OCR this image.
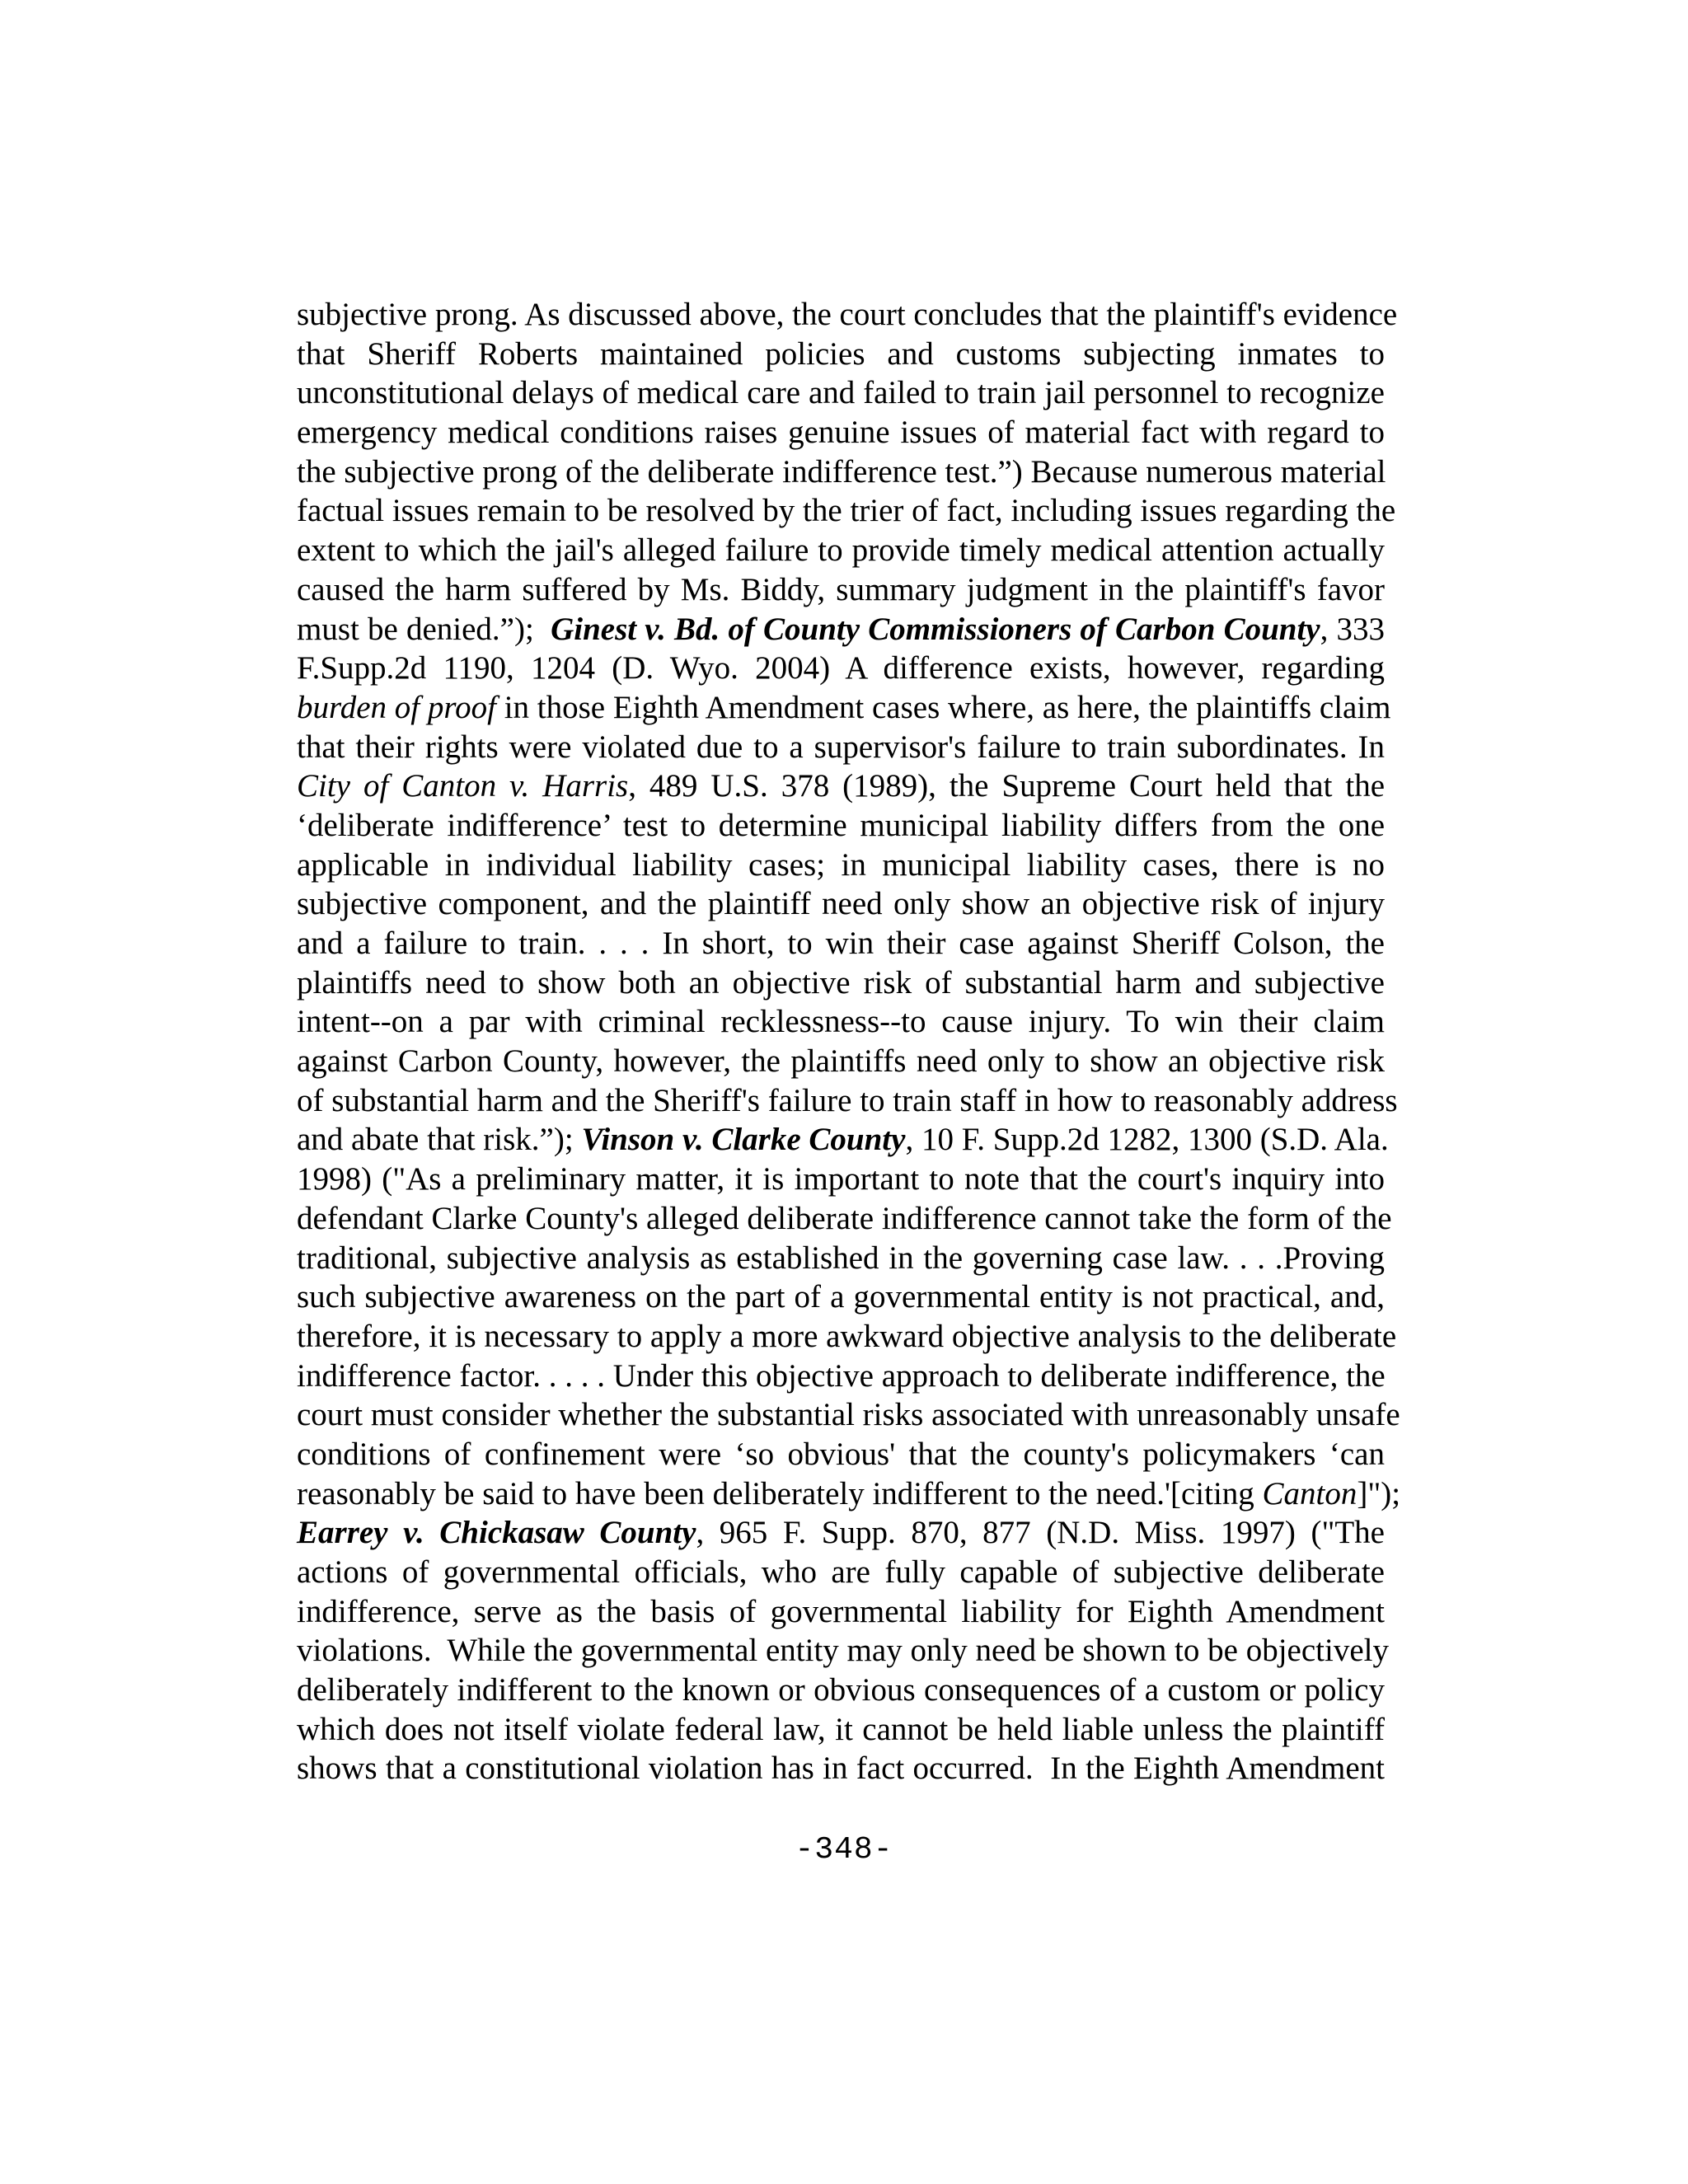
subjective prong. As discussed above, the court concludes that the plaintiff's evidence
that Sheriff Roberts maintained policies and customs subjecting inmates to
unconstitutional delays of medical care and failed to train jail personnel to recognize
emergency medical conditions raises genuine issues of material fact with regard to
the subjective prong of the deliberate indifference test.”) Because numerous material
factual issues remain to be resolved by the trier of fact, including issues regarding the
extent to which the jail's alleged failure to provide timely medical attention actually
caused the harm suffered by Ms. Biddy, summary judgment in the plaintiff's favor
must be denied.”);  Ginest v. Bd. of County Commissioners of Carbon County, 333
F.Supp.2d 1190, 1204 (D. Wyo. 2004) A difference exists, however, regarding
burden of proof in those Eighth Amendment cases where, as here, the plaintiffs claim
that their rights were violated due to a supervisor's failure to train subordinates. In
City of Canton v. Harris, 489 U.S. 378 (1989), the Supreme Court held that the
‘deliberate indifference’ test to determine municipal liability differs from the one
applicable in individual liability cases; in municipal liability cases, there is no
subjective component, and the plaintiff need only show an objective risk of injury
and a failure to train. . . . In short, to win their case against Sheriff Colson, the
plaintiffs need to show both an objective risk of substantial harm and subjective
intent--on a par with criminal recklessness--to cause injury. To win their claim
against Carbon County, however, the plaintiffs need only to show an objective risk
of substantial harm and the Sheriff's failure to train staff in how to reasonably address
and abate that risk.”); Vinson v. Clarke County, 10 F. Supp.2d 1282, 1300 (S.D. Ala.
1998) ("As a preliminary matter, it is important to note that the court's inquiry into
defendant Clarke County's alleged deliberate indifference cannot take the form of the
traditional, subjective analysis as established in the governing case law. . . .Proving
such subjective awareness on the part of a governmental entity is not practical, and,
therefore, it is necessary to apply a more awkward objective analysis to the deliberate
indifference factor. . . . . Under this objective approach to deliberate indifference, the
court must consider whether the substantial risks associated with unreasonably unsafe
conditions of confinement were ‘so obvious' that the county's policymakers ‘can
reasonably be said to have been deliberately indifferent to the need.'[citing Canton]");
Earrey v. Chickasaw County, 965 F. Supp. 870, 877 (N.D. Miss. 1997) ("The
actions of governmental officials, who are fully capable of subjective deliberate
indifference, serve as the basis of governmental liability for Eighth Amendment
violations.  While the governmental entity may only need be shown to be objectively
deliberately indifferent to the known or obvious consequences of a custom or policy
which does not itself violate federal law, it cannot be held liable unless the plaintiff
shows that a constitutional violation has in fact occurred.  In the Eighth Amendment
-348-
